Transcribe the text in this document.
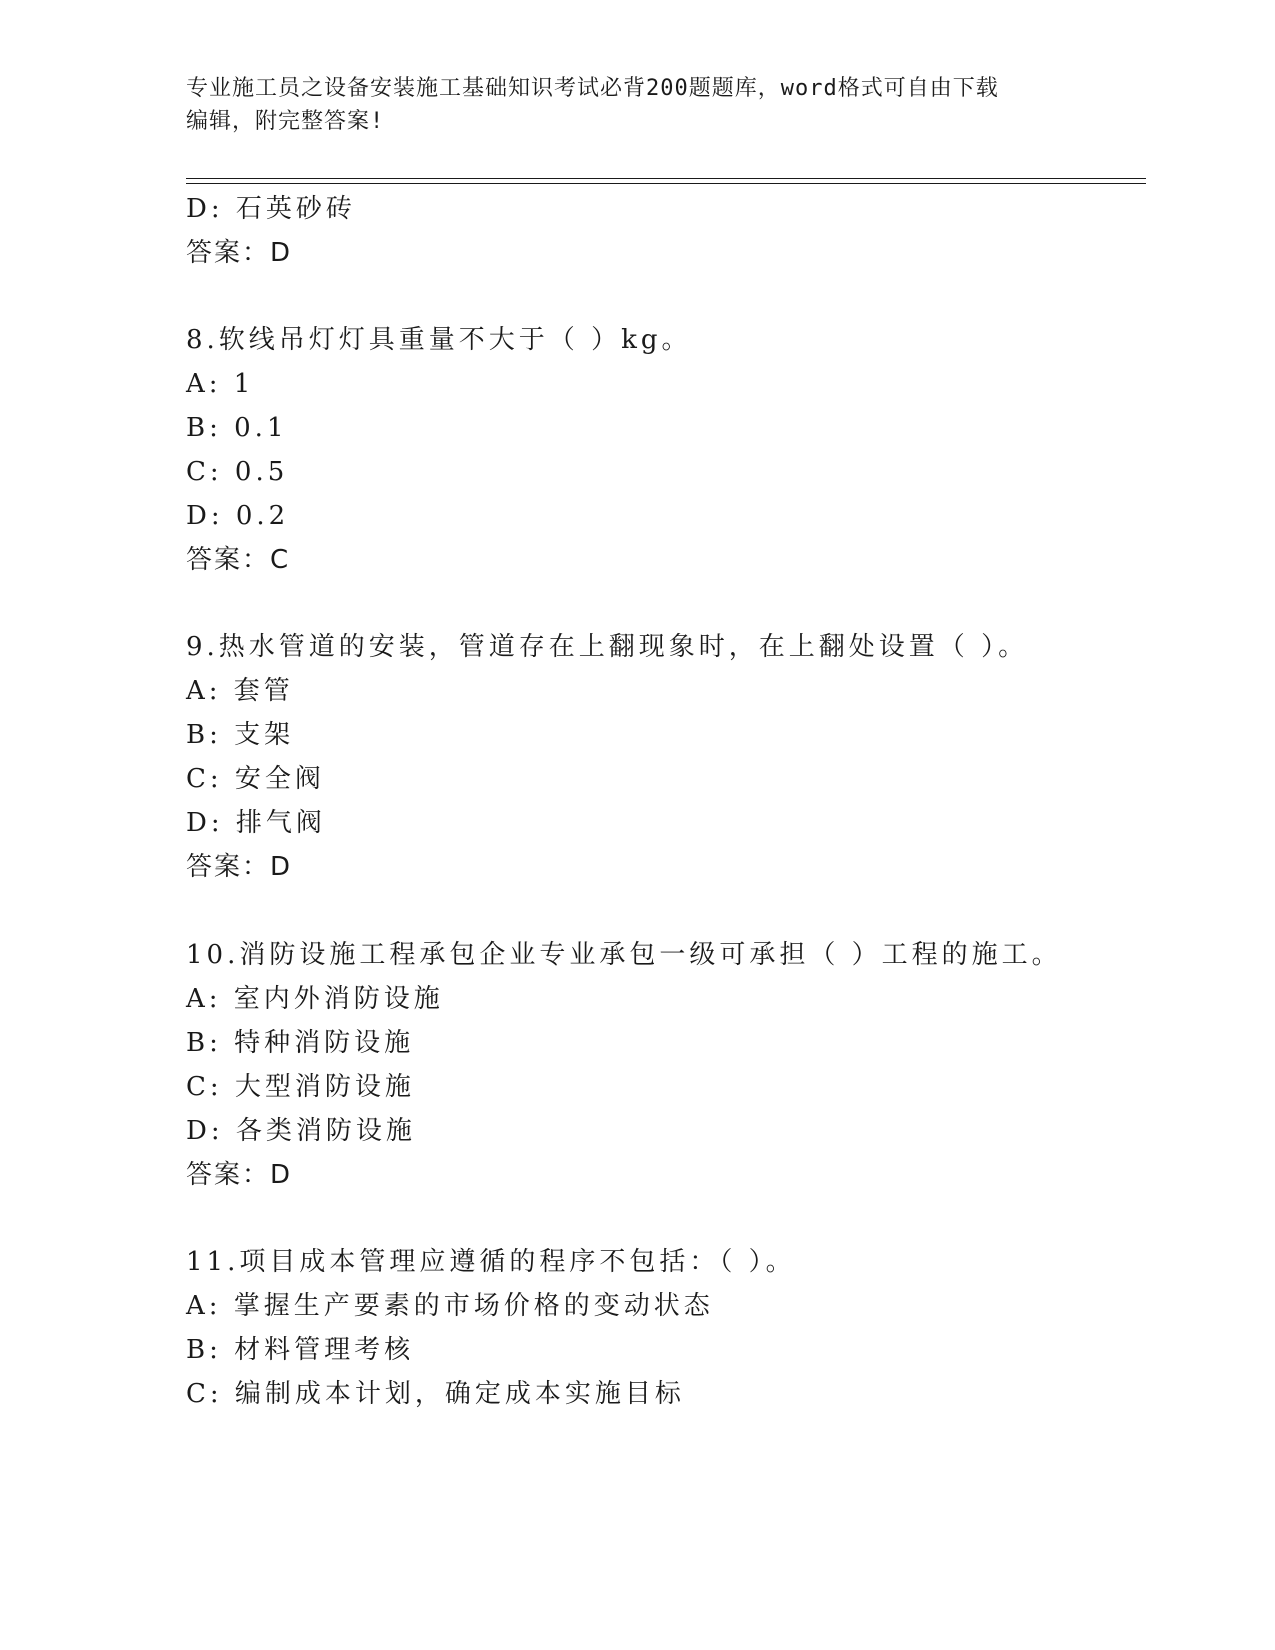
专业施工员之设备安装施工基础知识考试必背200题题库，word格式可自由下载
编辑，附完整答案!
D: 石英砂砖
答案：D
8.软线吊灯灯具重量不大于（ ）kg。
A: 1
B: 0.1
C: 0.5
D: 0.2
答案：C
9.热水管道的安装，管道存在上翻现象时，在上翻处设置（ ）。
A: 套管
B: 支架
C: 安全阀
D: 排气阀
答案：D
10.消防设施工程承包企业专业承包一级可承担（ ）工程的施工。
A: 室内外消防设施
B: 特种消防设施
C: 大型消防设施
D: 各类消防设施
答案：D
11.项目成本管理应遵循的程序不包括：（ ）。
A: 掌握生产要素的市场价格的变动状态
B: 材料管理考核
C: 编制成本计划，确定成本实施目标
